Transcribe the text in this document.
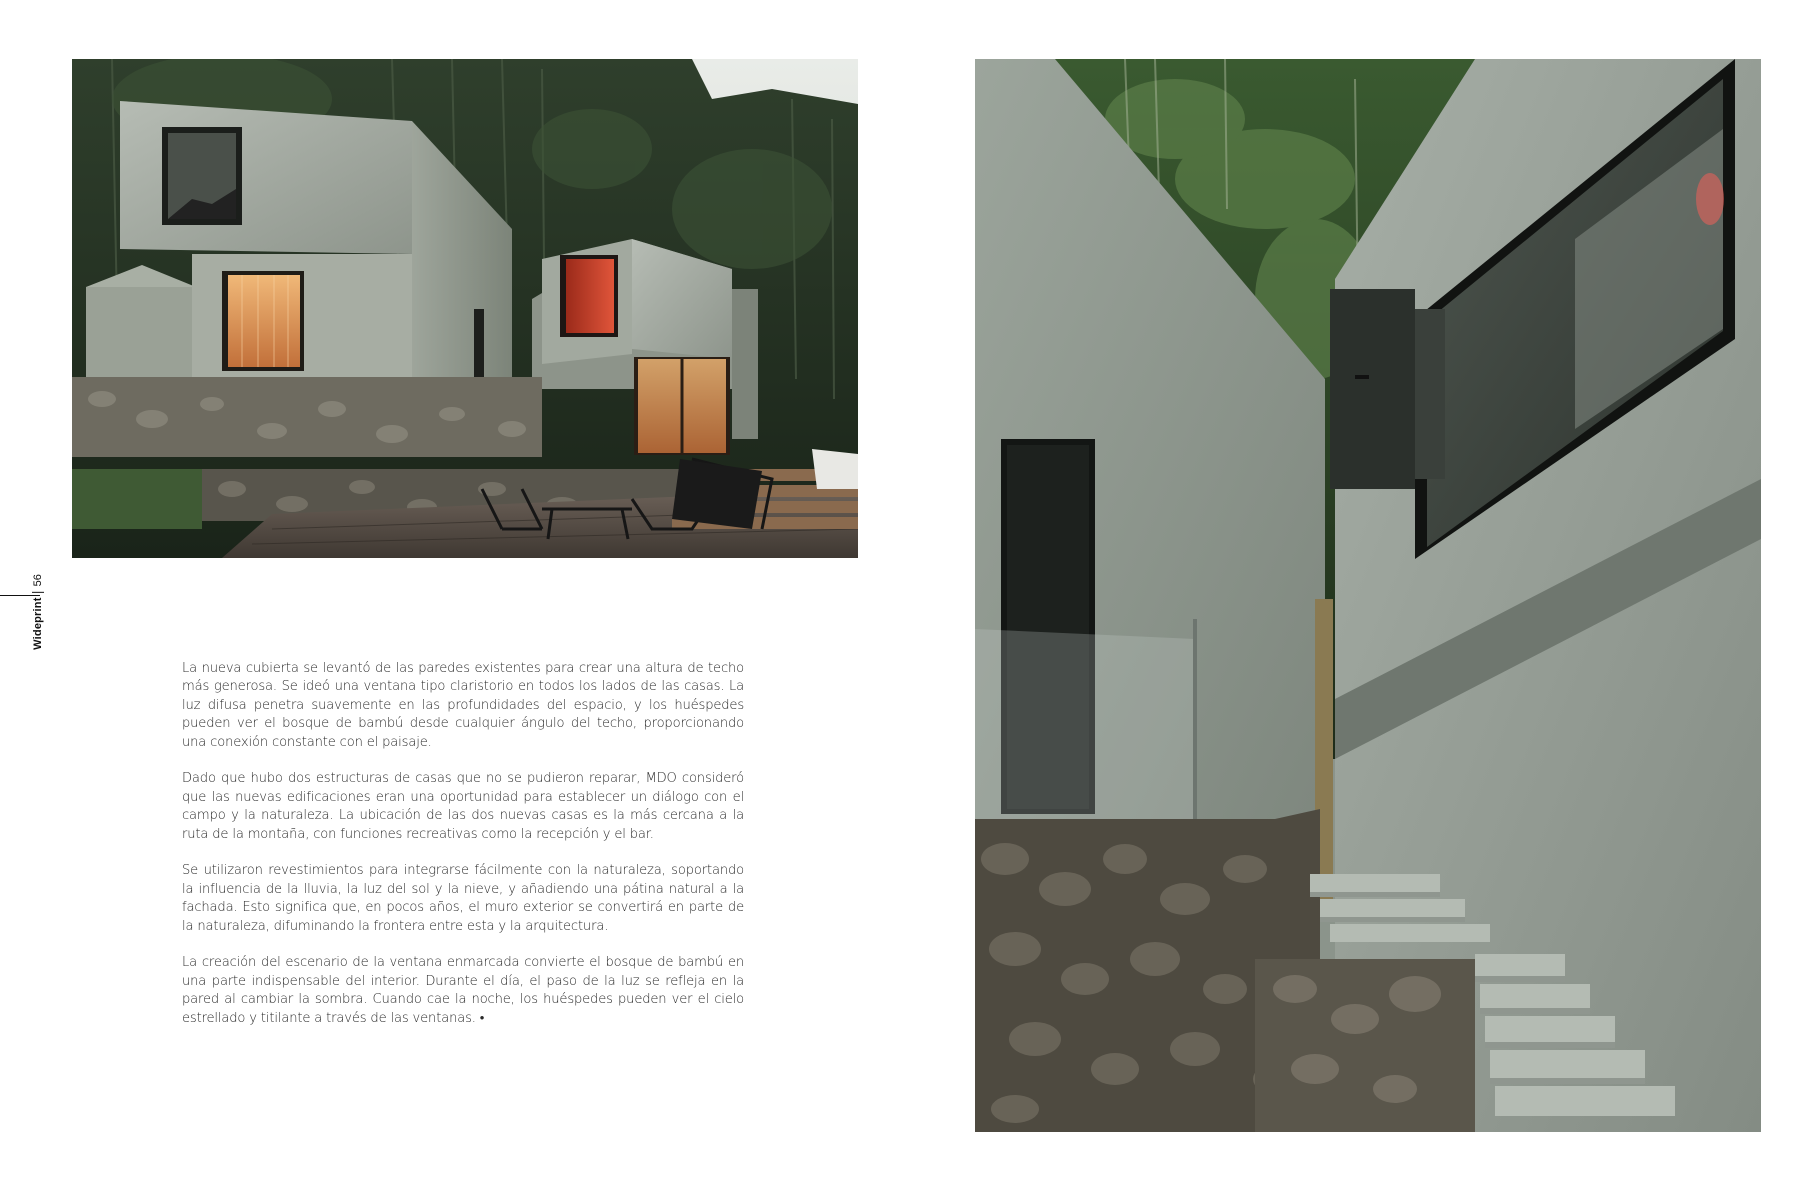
Wideprint
56

La nueva cubierta se levantó de las paredes existentes para crear una altura de techo más generosa. Se ideó una ventana tipo claristorio en todos los lados de las casas. La luz difusa penetra suavemente en las profundidades del espacio, y los huéspedes pueden ver el bosque de bambú desde cualquier ángulo del techo, proporcionando una conexión constante con el paisaje.

Dado que hubo dos estructuras de casas que no se pudieron reparar, MDO consideró que las nuevas edificaciones eran una oportunidad para establecer un diálogo con el campo y la naturaleza. La ubicación de las dos nuevas casas es la más cercana a la ruta de la montaña, con funciones recreativas como la recepción y el bar.

Se utilizaron revestimientos para integrarse fácilmente con la naturaleza, soportando la influencia de la lluvia, la luz del sol y la nieve, y añadiendo una pátina natural a la fachada. Esto significa que, en pocos años, el muro exterior se convertirá en parte de la naturaleza, difuminando la frontera entre esta y la arquitectura.

La creación del escenario de la ventana enmarcada convierte el bosque de bambú en una parte indispensable del interior. Durante el día, el paso de la luz se refleja en la pared al cambiar la sombra. Cuando cae la noche, los huéspedes pueden ver el cielo estrellado y titilante a través de las ventanas. •
